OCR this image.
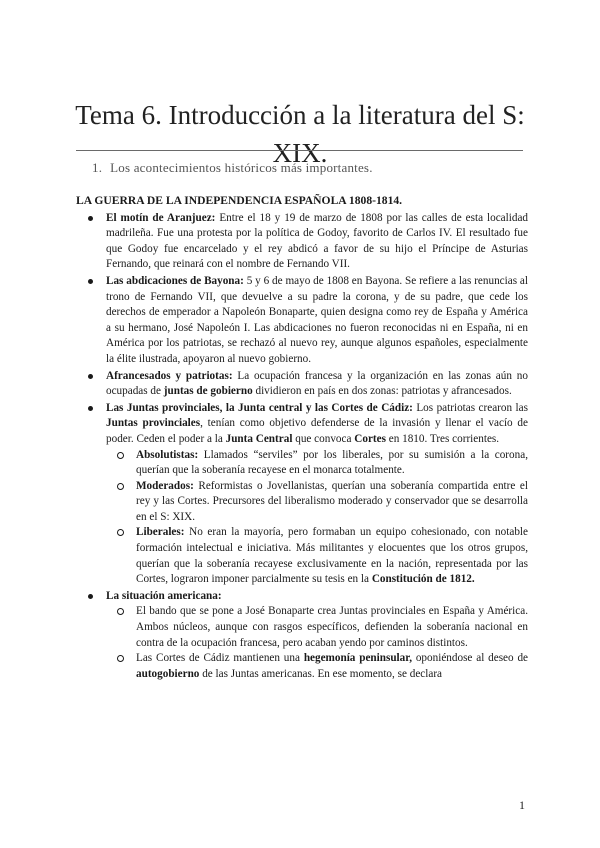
Tema 6. Introducción a la literatura del S: XIX.
1. Los acontecimientos históricos más importantes.

LA GUERRA DE LA INDEPENDENCIA ESPAÑOLA 1808-1814.

El motín de Aranjuez: Entre el 18 y 19 de marzo de 1808 por las calles de esta localidad madrileña. Fue una protesta por la política de Godoy, favorito de Carlos IV. El resultado fue que Godoy fue encarcelado y el rey abdicó a favor de su hijo el Príncipe de Asturias Fernando, que reinará con el nombre de Fernando VII.
Las abdicaciones de Bayona: 5 y 6 de mayo de 1808 en Bayona. Se refiere a las renuncias al trono de Fernando VII, que devuelve a su padre la corona, y de su padre, que cede los derechos de emperador a Napoleón Bonaparte, quien designa como rey de España y América a su hermano, José Napoleón I. Las abdicaciones no fueron reconocidas ni en España, ni en América por los patriotas, se rechazó al nuevo rey, aunque algunos españoles, especialmente la élite ilustrada, apoyaron al nuevo gobierno.
Afrancesados y patriotas: La ocupación francesa y la organización en las zonas aún no ocupadas de juntas de gobierno dividieron en país en dos zonas: patriotas y afrancesados.
Las Juntas provinciales, la Junta central y las Cortes de Cádiz: Los patriotas crearon las Juntas provinciales, tenían como objetivo defenderse de la invasión y llenar el vacío de poder. Ceden el poder a la Junta Central que convoca Cortes en 1810. Tres corrientes.
Absolutistas: Llamados “serviles” por los liberales, por su sumisión a la corona, querían que la soberanía recayese en el monarca totalmente.
Moderados: Reformistas o Jovellanistas, querían una soberanía compartida entre el rey y las Cortes. Precursores del liberalismo moderado y conservador que se desarrolla en el S: XIX.
Liberales: No eran la mayoría, pero formaban un equipo cohesionado, con notable formación intelectual e iniciativa. Más militantes y elocuentes que los otros grupos, querían que la soberanía recayese exclusivamente en la nación, representada por las Cortes, lograron imponer parcialmente su tesis en la Constitución de 1812.
La situación americana:
El bando que se pone a José Bonaparte crea Juntas provinciales en España y América. Ambos núcleos, aunque con rasgos específicos, defienden la soberanía nacional en contra de la ocupación francesa, pero acaban yendo por caminos distintos.
Las Cortes de Cádiz mantienen una hegemonía peninsular, oponiéndose al deseo de autogobierno de las Juntas americanas. En ese momento, se declara
1
